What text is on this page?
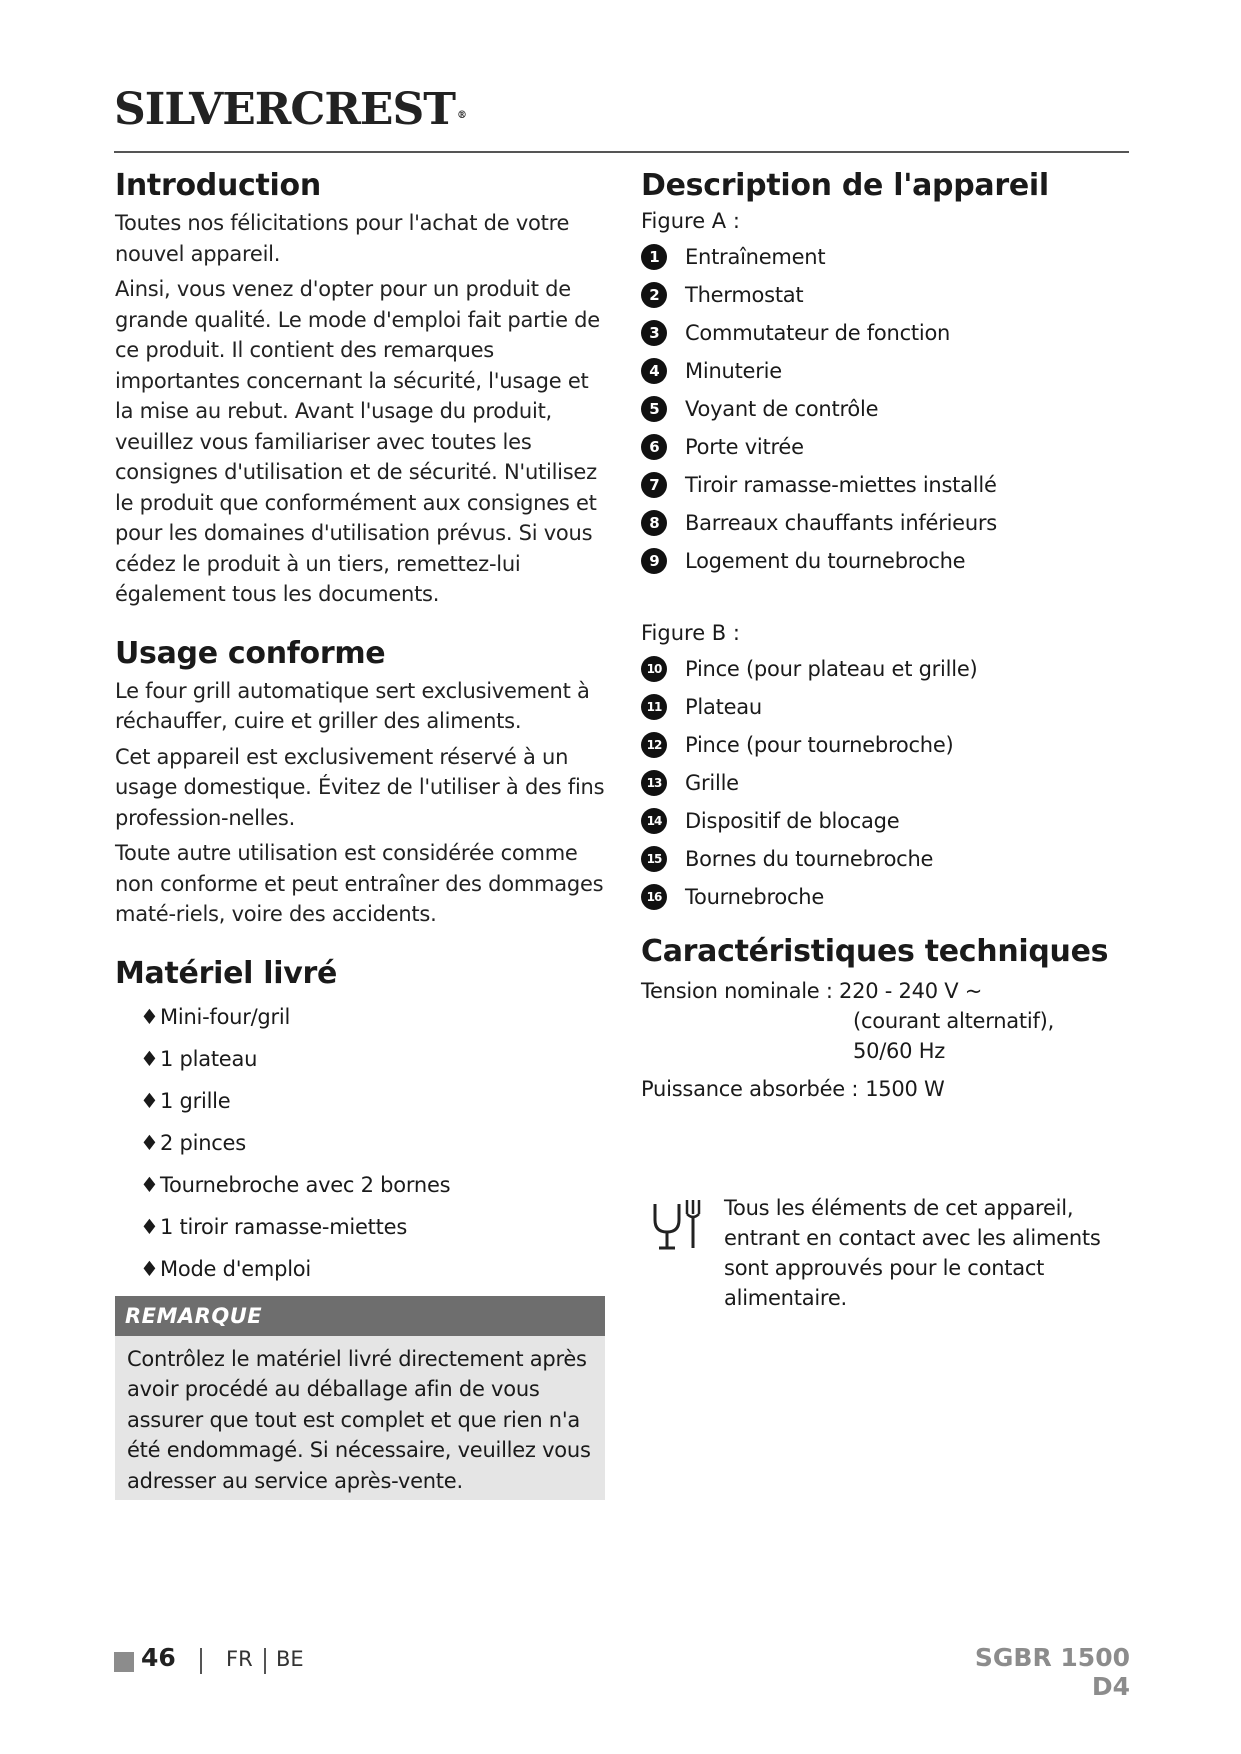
SILVERCREST ®
Introduction

Toutes nos félicitations pour l'achat de votre nouvel appareil.

Ainsi, vous venez d'opter pour un produit de grande qualité. Le mode d'emploi fait partie de ce produit. Il contient des remarques importantes concernant la sécurité, l'usage et la mise au rebut. Avant l'usage du produit, veuillez vous familiariser avec toutes les consignes d'utilisation et de sécurité. N'utilisez le produit que conformément aux consignes et pour les domaines d'utilisation prévus. Si vous cédez le produit à un tiers, remettez-lui également tous les documents.

Usage conforme

Le four grill automatique sert exclusivement à réchauffer, cuire et griller des aliments.

Cet appareil est exclusivement réservé à un usage domestique. Évitez de l'utiliser à des fins profession-nelles.

Toute autre utilisation est considérée comme non conforme et peut entraîner des dommages maté-riels, voire des accidents.

Matériel livré
♦Mini-four/gril
♦1 plateau
♦1 grille
♦2 pinces
♦Tournebroche avec 2 bornes
♦1 tiroir ramasse-miettes
♦Mode d'emploi
REMARQUE
Contrôlez le matériel livré directement après avoir procédé au déballage afin de vous assurer que tout est complet et que rien n'a été endommagé. Si nécessaire, veuillez vous adresser au service après-vente.
Description de l'appareil
Figure A :
1	Entraînement
2	Thermostat
3	Commutateur de fonction
4	Minuterie
5	Voyant de contrôle
6	Porte vitrée
7	Tiroir ramasse-miettes installé
8	Barreaux chauffants inférieurs
9	Logement du tournebroche
Figure B :
10 Pince (pour plateau et grille)
11 Plateau
12 Pince (pour tournebroche)
13 Grille
14 Dispositif de blocage
15 Bornes du tournebroche
16 Tournebroche
Caractéristiques techniques
Tension nominale : 220 - 240 V ~
(courant alternatif),
50/60 Hz
Puissance absorbée : 1500 W
Tous les éléments de cet appareil, entrant en contact avec les aliments sont approuvés pour le contact alimentaire.
46 FR BE	SGBR 1500 D4
